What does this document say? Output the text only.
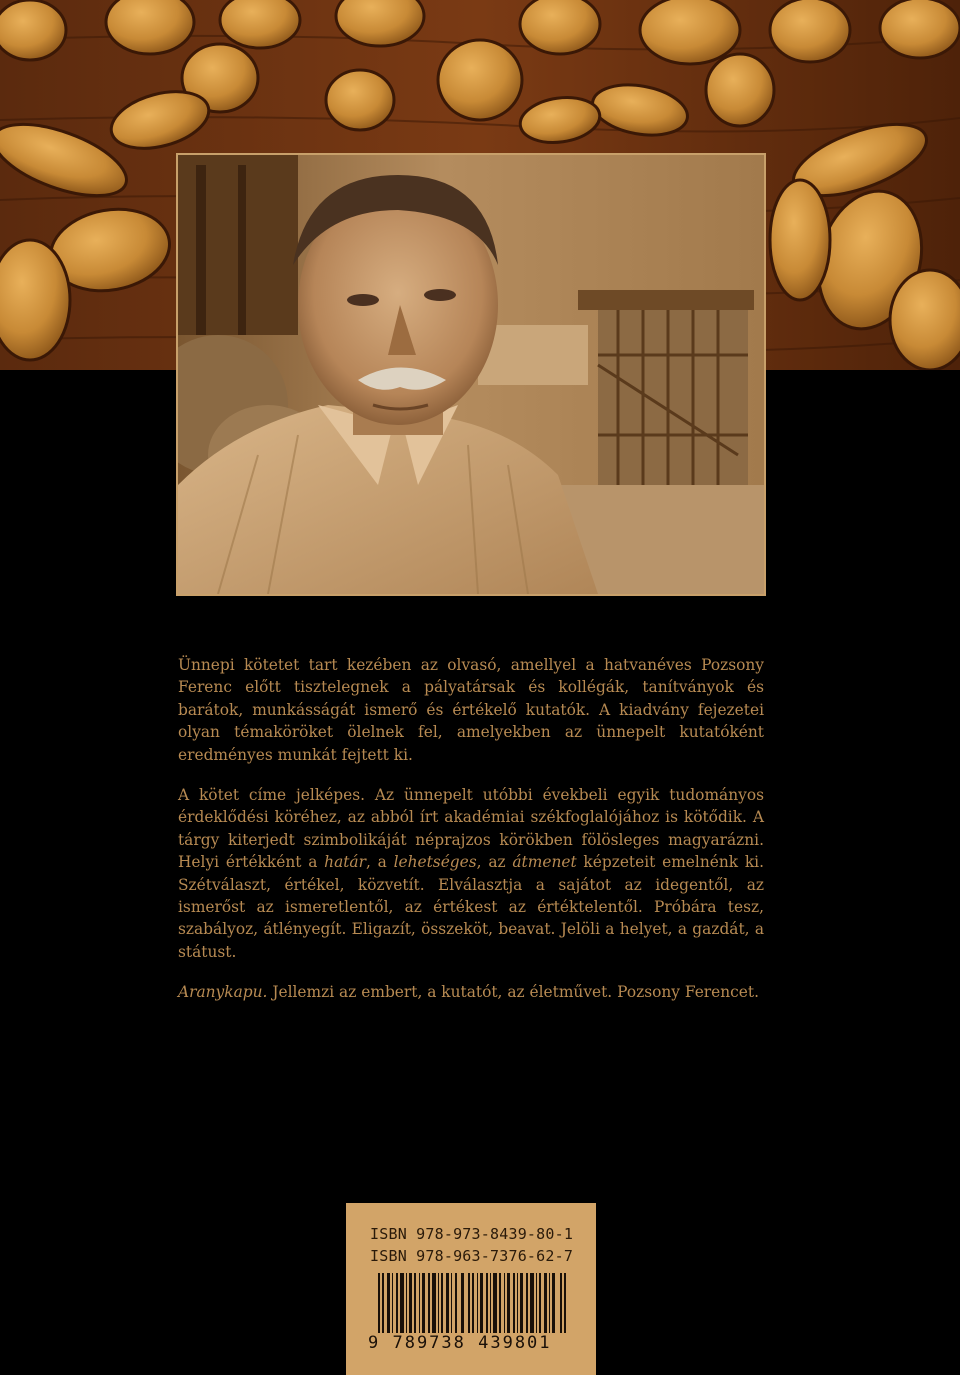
Ünnepi kötetet tart kezében az olvasó, amellyel a hatvanéves Pozsony Ferenc előtt tisztelegnek a pályatársak és kollégák, tanítványok és barátok, munkásságát ismerő és értékelő kutatók. A kiadvány fejezetei olyan témaköröket ölelnek fel, amelyekben az ünnepelt kutatóként eredményes munkát fejtett ki.

A kötet címe jelképes. Az ünnepelt utóbbi évekbeli egyik tudományos érdeklődési köréhez, az abból írt akadémiai székfoglalójához is kötődik. A tárgy kiterjedt szimbolikáját néprajzos körökben fölösleges magyarázni. Helyi értékként a határ, a lehetséges, az átmenet képzeteit emelnénk ki. Szétválaszt, értékel, közvetít. Elválasztja a sajátot az idegentől, az ismerőst az ismeretlentől, az értékest az értéktelentől. Próbára tesz, szabályoz, átlényegít. Eligazít, összeköt, beavat. Jelöli a helyet, a gazdát, a státust.

Aranykapu. Jellemzi az embert, a kutatót, az életművet. Pozsony Ferencet.

ISBN 978-973-8439-80-1
ISBN 978-963-7376-62-7
9 789738 439801
